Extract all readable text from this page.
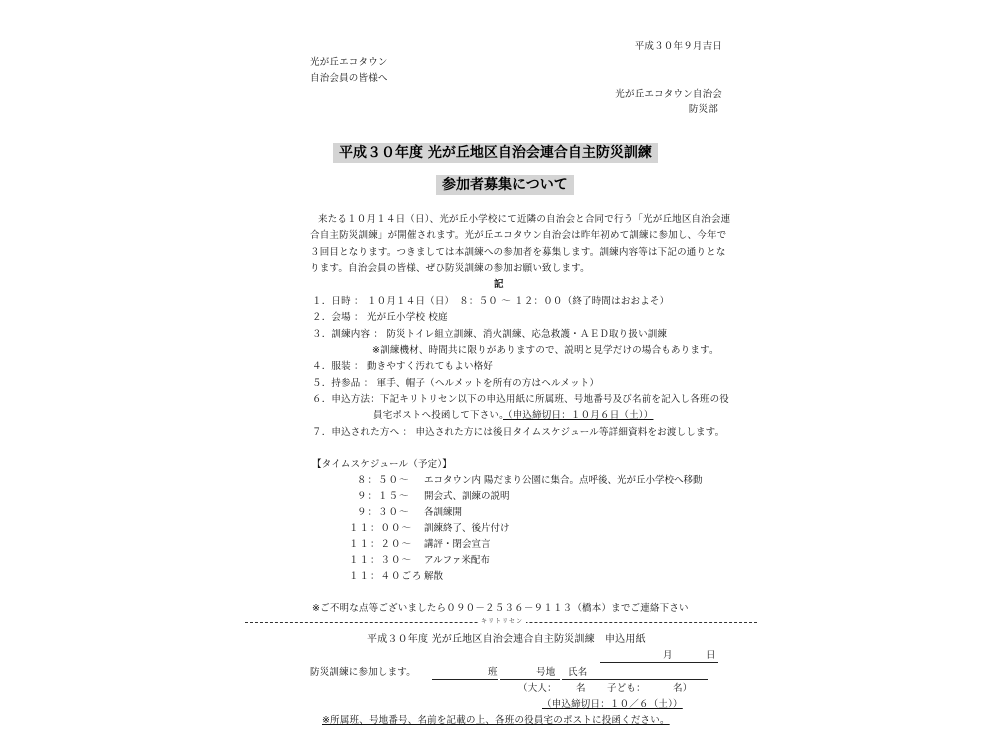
平成３０年９月吉日
光が丘エコタウン
自治会員の皆様へ
光が丘エコタウン自治会
防災部
平成３０年度 光が丘地区自治会連合自主防災訓練
参加者募集について
来たる１０月１４日（日）、光が丘小学校にて近隣の自治会と合同で行う「光が丘地区自治会連
合自主防災訓練」が開催されます。光が丘エコタウン自治会は昨年初めて訓練に参加し、今年で
３回目となります。つきましては本訓練への参加者を募集します。訓練内容等は下記の通りとな
ります。自治会員の皆様、ぜひ防災訓練の参加お願い致します。
記
１．日時 ： １０月１４日（日）　８：５０ ～ １２：００（終了時間はおおよそ）
２．会場 ： 光が丘小学校 校庭
３．訓練内容 ： 防災トイレ組立訓練、消火訓練、応急救護・ＡＥＤ取り扱い訓練
※訓練機材、時間共に限りがありますので、説明と見学だけの場合もあります。
４．服装 ： 動きやすく汚れてもよい格好
５．持参品 ： 軍手、帽子（ヘルメットを所有の方はヘルメット）
６．申込方法：下記キリトリセン以下の申込用紙に所属班、号地番号及び名前を記入し各班の役
員宅ポストへ投函して下さい。
（申込締切日：１０月６日（土））
７．申込された方へ ： 申込された方には後日タイムスケジュール等詳細資料をお渡しします。
【タイムスケジュール（予定）】
８：５０～ エコタウン内 陽だまり公園に集合。点呼後、光が丘小学校へ移動
９：１５～ 開会式、訓練の説明
９：３０～ 各訓練開
１１：００～ 訓練終了、後片付け
１１：２０～ 講評・閉会宣言
１１：３０～ アルファ米配布
１１：４０ごろ 解散
※ご不明な点等ございましたら０９０－２５３６－９１１３（橋本）までご連絡下さい
キリトリセン
平成３０年度 光が丘地区自治会連合自主防災訓練　申込用紙
月	日
防災訓練に参加します。	班	号地 氏名
（大人： 名 子ども：	名）
（申込締切日：１０／６（土））
※所属班、号地番号、名前を記載の上、各班の役員宅のポストに投函ください。
